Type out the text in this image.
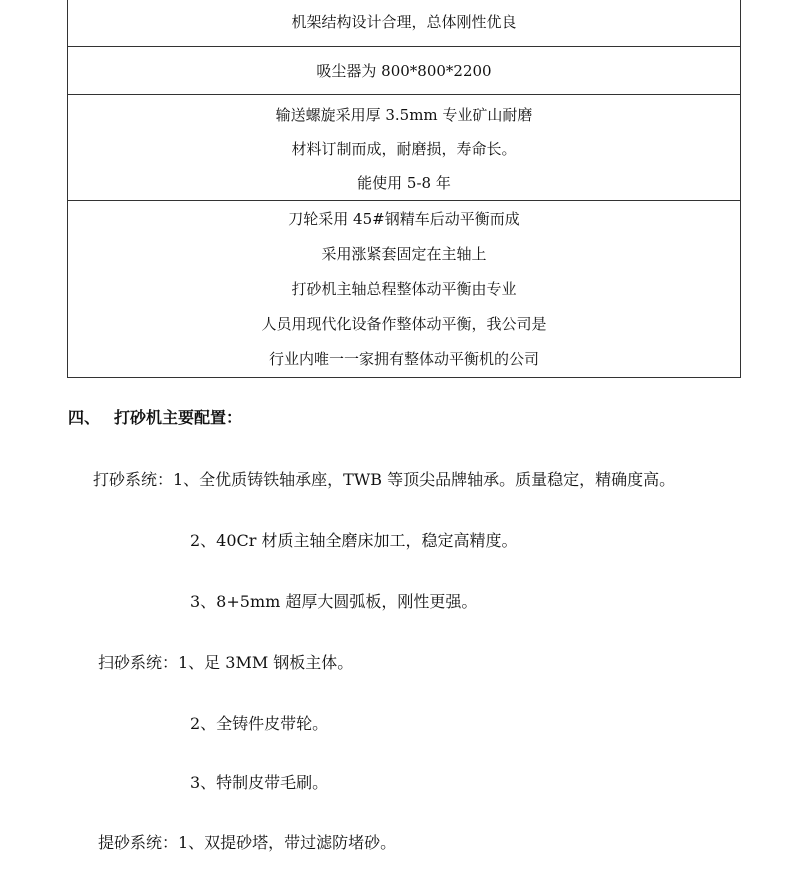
机架结构设计合理，总体刚性优良
吸尘器为 800*800*2200
输送螺旋采用厚 3.5mm 专业矿山耐磨
材料订制而成，耐磨损，寿命长。
能使用 5-8 年
刀轮采用 45#钢精车后动平衡而成
采用涨紧套固定在主轴上
打砂机主轴总程整体动平衡由专业
人员用现代化设备作整体动平衡，我公司是
行业内唯一一家拥有整体动平衡机的公司
四、 打砂机主要配置：
打砂系统：1、全优质铸铁轴承座，TWB 等顶尖品牌轴承。质量稳定，精确度高。
2、40Cr 材质主轴全磨床加工，稳定高精度。
3、8+5mm 超厚大圆弧板，刚性更强。
扫砂系统：1、足 3MM 钢板主体。
2、全铸件皮带轮。
3、特制皮带毛刷。
提砂系统：1、双提砂塔，带过滤防堵砂。
